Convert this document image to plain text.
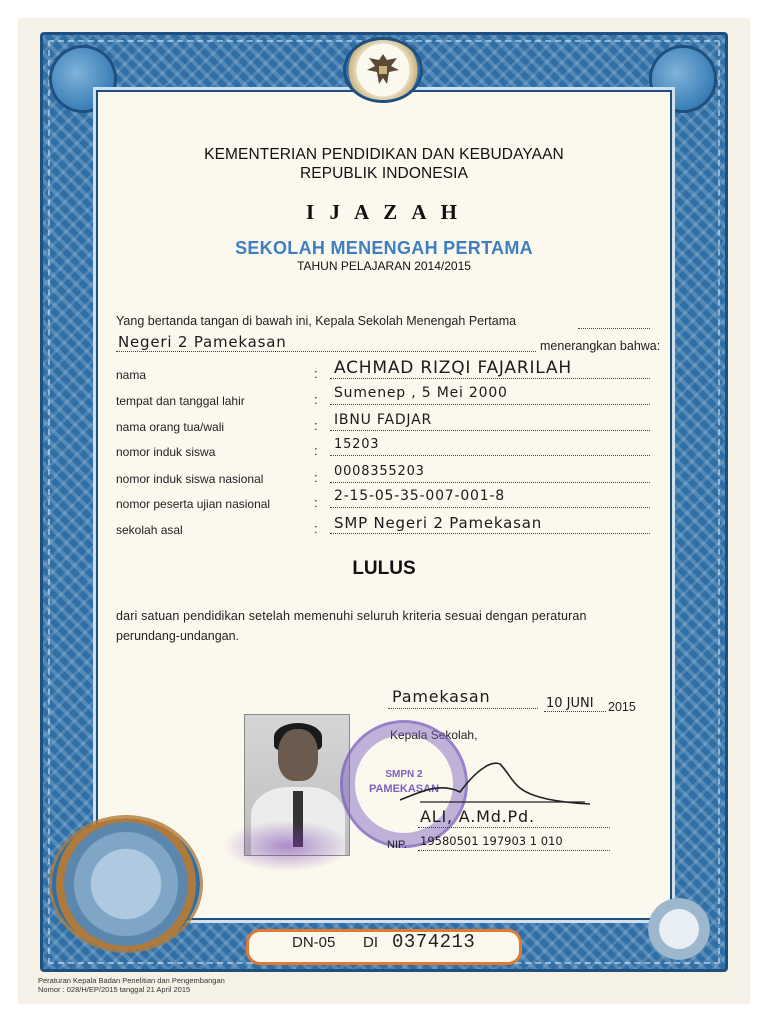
KEMENTERIAN PENDIDIKAN DAN KEBUDAYAAN
REPUBLIK INDONESIA
I J A Z A H
SEKOLAH MENENGAH PERTAMA
TAHUN PELAJARAN 2014/2015
Yang bertanda tangan di bawah ini, Kepala Sekolah Menengah Pertama
Negeri 2 Pamekasan	menerangkan bahwa:
nama	: ACHMAD RIZQI FAJARILAH
tempat dan tanggal lahir	: Sumenep , 5 Mei 2000
nama orang tua/wali	: IBNU FADJAR
nomor induk siswa	: 15203
nomor induk siswa nasional	: 0008355203
nomor peserta ujian nasional	: 2-15-05-35-007-001-8
sekolah asal	: SMP Negeri 2 Pamekasan
LULUS
dari satuan pendidikan setelah memenuhi seluruh kriteria sesuai dengan peraturan
perundang-undangan.
Pamekasan	10 JUNI 2015
Kepala Sekolah,
SMPN 2
PAMEKASAN
ALI, A.Md.Pd.
NIP. 19580501 197903 1 010
DN-05 DI 0374213
Peraturan Kepala Badan Penelitian dan Pengembangan
Nomor : 028/H/EP/2015 tanggal 21 April 2015
